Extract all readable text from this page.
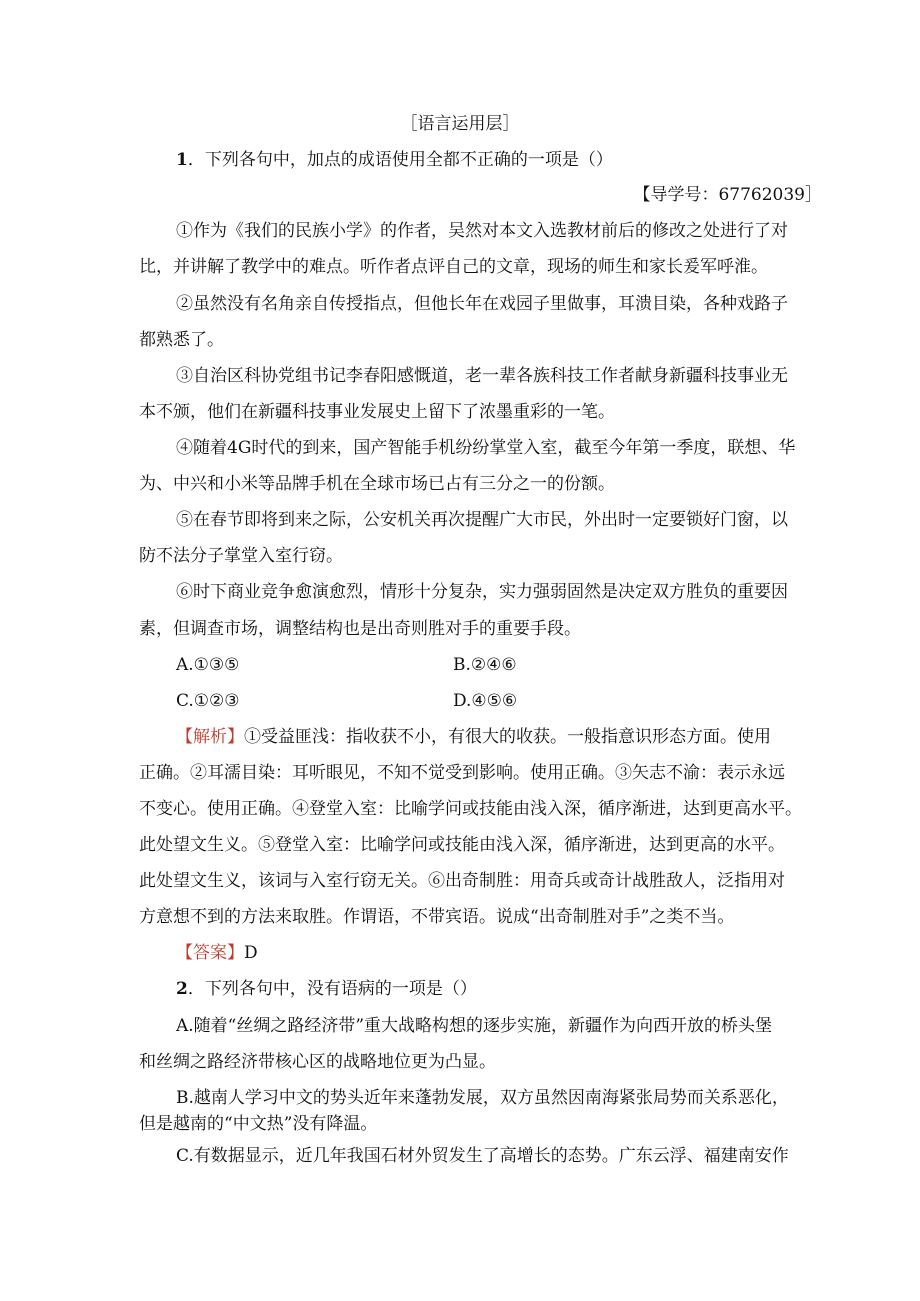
［语言运用层］
1．下列各句中，加点的成语使用全都不正确的一项是（）
【导学号：67762039］
①作为《我们的民族小学》的作者，吴然对本文入选教材前后的修改之处进行了对
比，并讲解了教学中的难点。听作者点评自己的文章，现场的师生和家长爰军呼淮。
②虽然没有名角亲自传授指点，但他长年在戏园子里做事，耳溃目染，各种戏路子
都熟悉了。
③自治区科协党组书记李春阳感慨道，老一辈各族科技工作者献身新疆科技事业无
本不颁，他们在新疆科技事业发展史上留下了浓墨重彩的一笔。
④随着4G时代的到来，国产智能手机纷纷掌堂入室，截至今年第一季度，联想、华
为、中兴和小米等品牌手机在全球市场已占有三分之一的份额。
⑤在春节即将到来之际，公安机关再次提醒广大市民，外出时一定要锁好门窗，以
防不法分子掌堂入室行窃。
⑥时下商业竞争愈演愈烈，情形十分复杂，实力强弱固然是决定双方胜负的重要因
素，但调查市场，调整结构也是出奇则胜对手的重要手段。
A.①③⑤	B.②④⑥
C.①②③	D.④⑤⑥
【解析】①受益匪浅：指收获不小，有很大的收获。一般指意识形态方面。使用
正确。②耳濡目染：耳听眼见，不知不觉受到影响。使用正确。③矢志不渝：表示永远
不变心。使用正确。④登堂入室：比喻学问或技能由浅入深，循序渐进，达到更高水平。
此处望文生义。⑤登堂入室：比喻学问或技能由浅入深，循序渐进，达到更高的水平。
此处望文生义，该词与入室行窃无关。⑥出奇制胜：用奇兵或奇计战胜敌人，泛指用对
方意想不到的方法来取胜。作谓语，不带宾语。说成“出奇制胜对手”之类不当。
【答案】D
2．下列各句中，没有语病的一项是（）
A.随着“丝绸之路经济带”重大战略构想的逐步实施，新疆作为向西开放的桥头堡
和丝绸之路经济带核心区的战略地位更为凸显。
B.越南人学习中文的势头近年来蓬勃发展，双方虽然因南海紧张局势而关系恶化，
但是越南的“中文热”没有降温。
C.有数据显示，近几年我国石材外贸发生了高增长的态势。广东云浮、福建南安作
